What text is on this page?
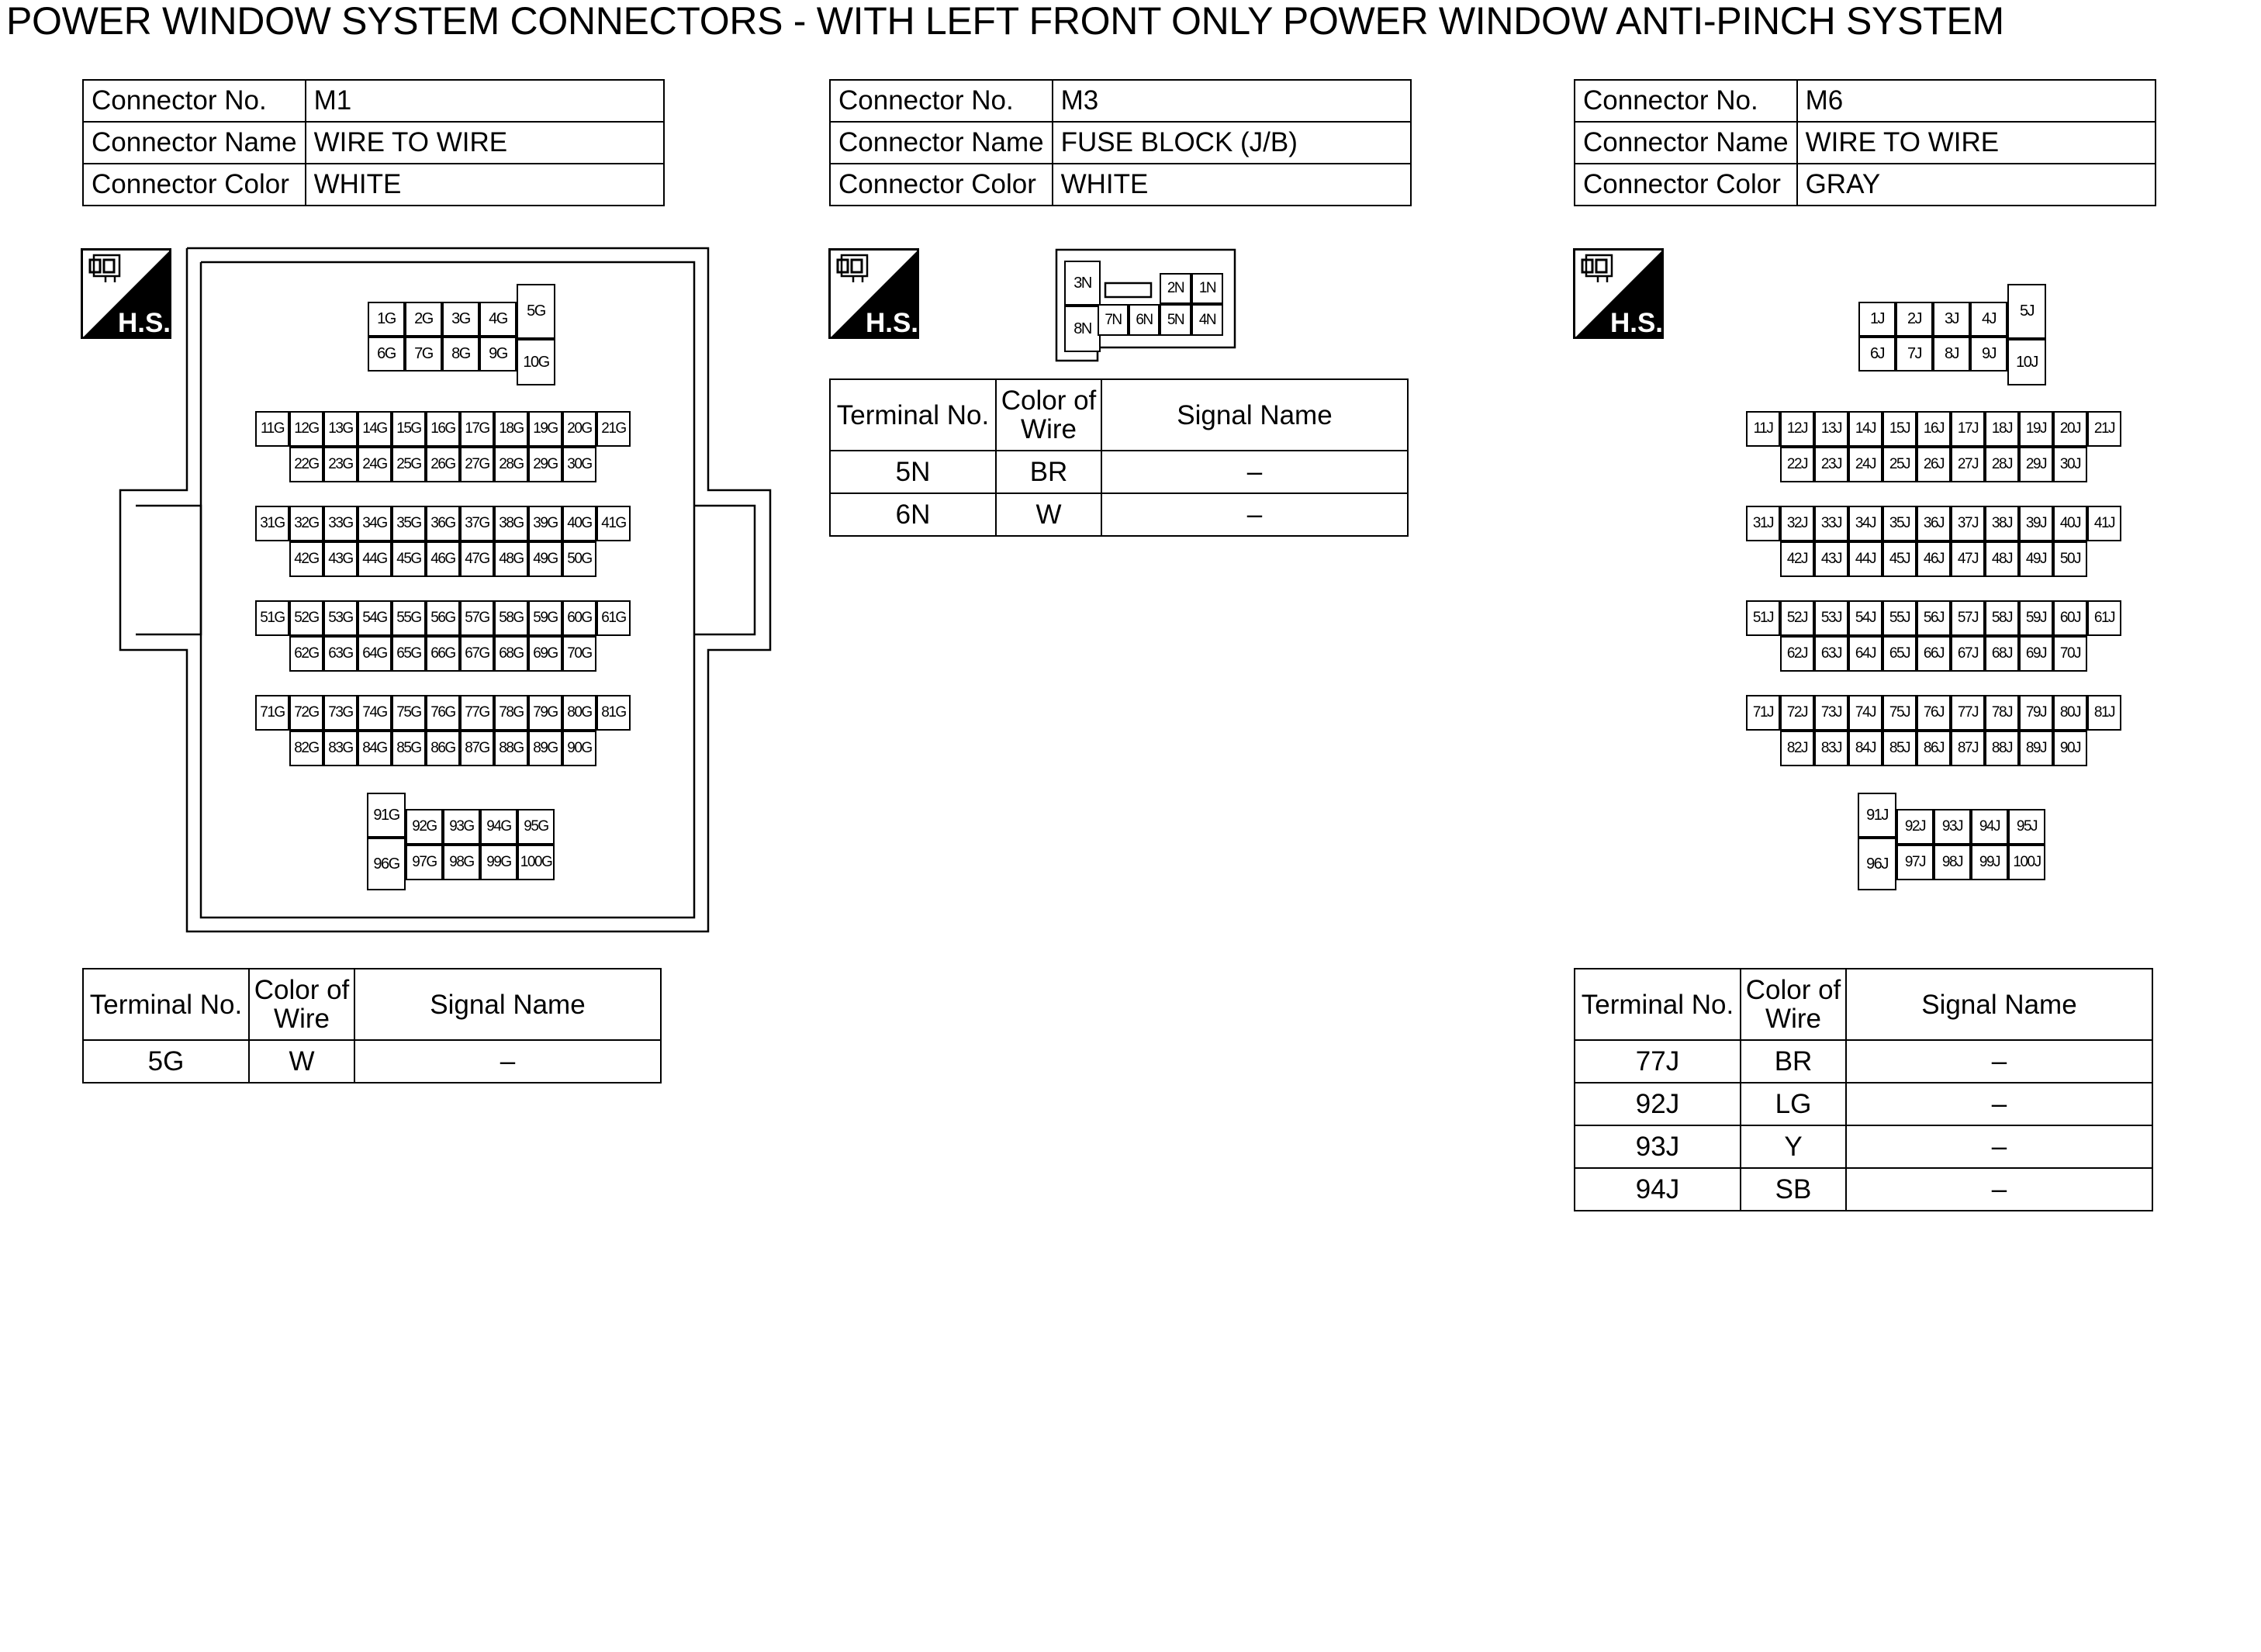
POWER WINDOW SYSTEM CONNECTORS - WITH LEFT FRONT ONLY POWER WINDOW ANTI-PINCH SYSTEM
Connector No.	M1
Connector Name	WIRE TO WIRE
Connector Color	WHITE
H.S.	1G
6G
2G
7G
3G
8G
4G
9G
5G
10G
11G 12G 13G 14G 15G 16G 17G 18G 19G 20G 21G
22G 23G 24G 25G 26G 27G 28G 29G 30G
31G 32G 33G 34G 35G 36G 37G 38G 39G 40G 41G
42G 43G 44G 45G 46G 47G 48G 49G 50G
51G 52G 53G 54G 55G 56G 57G 58G 59G 60G 61G
62G 63G 64G 65G 66G 67G 68G 69G 70G
71G 72G 73G 74G 75G 76G 77G 78G 79G 80G 81G
82G 83G 84G 85G 86G 87G 88G 89G 90G
91G
96G
92G
97G
93G
98G
94G
99G
95G
100G
Terminal No.	Color of Wire	Signal Name
5G	W	–
Connector No.	M3
Connector Name	FUSE BLOCK (J/B)
Connector Color	WHITE
H.S.
3N
8N
2N	1N
7N 6N	5N	4N
Terminal No.	Color of Wire	Signal Name
5N	BR	–
6N	W	–
Connector No.	M6
Connector Name	WIRE TO WIRE
Connector Color	GRAY
H.S.	1J
6J
2J
7J
3J
8J
4J
9J
5J
10J
11J 12J 13J 14J 15J 16J 17J 18J 19J 20J 21J
22J 23J 24J 25J 26J 27J 28J 29J 30J
31J 32J 33J 34J 35J 36J 37J 38J 39J 40J 41J
42J 43J 44J 45J 46J 47J 48J 49J 50J
51J 52J 53J 54J 55J 56J 57J 58J 59J 60J 61J
62J 63J 64J 65J 66J 67J 68J 69J 70J
71J 72J 73J 74J 75J 76J 77J 78J 79J 80J 81J
82J 83J 84J 85J 86J 87J 88J 89J 90J
91J
96J
92J
97J
93J
98J
94J
99J
95J
100J
Terminal No.	Color of Wire	Signal Name
77J	BR	–
92J	LG	–
93J	Y	–
94J	SB	–
